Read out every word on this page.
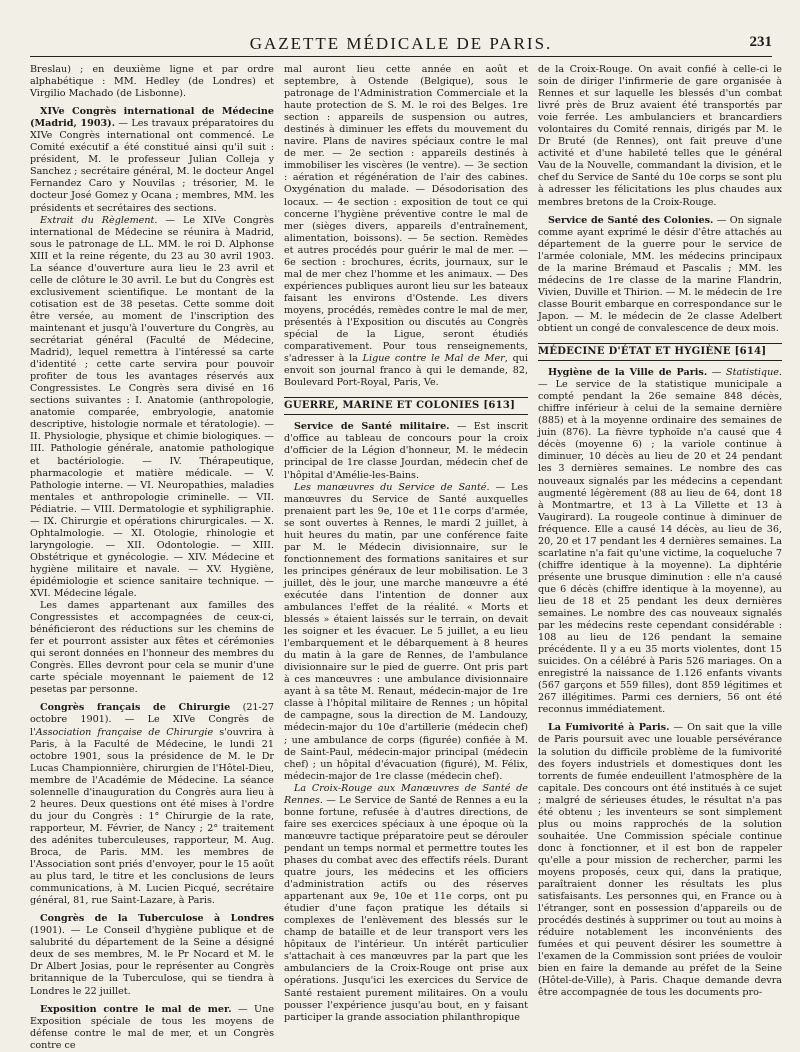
GAZETTE MÉDICALE DE PARIS.	231

Breslau) ; en deuxième ligne et par ordre alphabétique : MM. Hedley (de Londres) et Virgilio Machado (de Lisbonne).

XIVe Congrès international de Médecine (Madrid, 1903). — Les travaux préparatoires du XIVe Congrès international ont commencé. Le Comité exécutif a été constitué ainsi qu'il suit : président, M. le professeur Julian Colleja y Sanchez ; secrétaire général, M. le docteur Angel Fernandez Caro y Nouvilas ; trésorier, M. le docteur José Gomez y Ocana ; membres, MM. les présidents et secrétaires des sections.

Extrait du Règlement. — Le XIVe Congrès international de Médecine se réunira à Madrid, sous le patronage de LL. MM. le roi D. Alphonse XIII et la reine régente, du 23 au 30 avril 1903. La séance d'ouverture aura lieu le 23 avril et celle de clôture le 30 avril. Le but du Congrès est exclusivement scientifique. Le montant de la cotisation est de 38 pesetas. Cette somme doit être versée, au moment de l'inscription des maintenant et jusqu'à l'ouverture du Congrès, au secrétariat général (Faculté de Médecine, Madrid), lequel remettra à l'intéressé sa carte d'identité ; cette carte servira pour pouvoir profiter de tous les avantages réservés aux Congressistes. Le Congrès sera divisé en 16 sections suivantes : I. Anatomie (anthropologie, anatomie comparée, embryologie, anatomie descriptive, histologie normale et tératologie). — II. Physiologie, physique et chimie biologiques. — III. Pathologie générale, anatomie pathologique et bactériologie. — IV. Thérapeutique, pharmacologie et matière médicale. — V. Pathologie interne. — VI. Neuropathies, maladies mentales et anthropologie criminelle. — VII. Pédiatrie. — VIII. Dermatologie et syphiligraphie. — IX. Chirurgie et opérations chirurgicales. — X. Ophtalmologie. — XI. Otologie, rhinologie et laryngologie. — XII. Odontologie. — XIII. Obstétrique et gynécologie. — XIV. Médecine et hygiène militaire et navale. — XV. Hygiène, épidémiologie et science sanitaire technique. — XVI. Médecine légale.

Les dames appartenant aux familles des Congressistes et accompagnées de ceux-ci, bénéficieront des réductions sur les chemins de fer et pourront assister aux fêtes et cérémonies qui seront données en l'honneur des membres du Congrès. Elles devront pour cela se munir d'une carte spéciale moyennant le paiement de 12 pesetas par personne.

Congrès français de Chirurgie (21-27 octobre 1901). — Le XIVe Congrès de l'Association française de Chirurgie s'ouvrira à Paris, à la Faculté de Médecine, le lundi 21 octobre 1901, sous la présidence de M. le Dr Lucas Championnière, chirurgien de l'Hôtel-Dieu, membre de l'Académie de Médecine. La séance solennelle d'inauguration du Congrès aura lieu à 2 heures. Deux questions ont été mises à l'ordre du jour du Congrès : 1° Chirurgie de la rate, rapporteur, M. Février, de Nancy ; 2° traitement des adénites tuberculeuses, rapporteur, M. Aug. Broca, de Paris. MM. les membres de l'Association sont priés d'envoyer, pour le 15 août au plus tard, le titre et les conclusions de leurs communications, à M. Lucien Picqué, secrétaire général, 81, rue Saint-Lazare, à Paris.

Congrès de la Tuberculose à Londres (1901). — Le Conseil d'hygiène publique et de salubrité du département de la Seine a désigné deux de ses membres, M. le Pr Nocard et M. le Dr Albert Josias, pour le représenter au Congrès britannique de la Tuberculose, qui se tiendra à Londres le 22 juillet.

Exposition contre le mal de mer. — Une Exposition spéciale de tous les moyens de défense contre le mal de mer, et un Congrès contre ce

mal auront lieu cette année en août et septembre, à Ostende (Belgique), sous le patronage de l'Administration Commerciale et la haute protection de S. M. le roi des Belges. 1re section : appareils de suspension ou autres, destinés à diminuer les effets du mouvement du navire. Plans de navires spéciaux contre le mal de mer. — 2e section : appareils destinés à immobiliser les viscères (le ventre). — 3e section : aération et régénération de l'air des cabines. Oxygénation du malade. — Désodorisation des locaux. — 4e section : exposition de tout ce qui concerne l'hygiène préventive contre le mal de mer (sièges divers, appareils d'entraînement, alimentation, boissons). — 5e section. Remèdes et autres procédés pour guérir le mal de mer. — 6e section : brochures, écrits, journaux, sur le mal de mer chez l'homme et les animaux. — Des expériences publiques auront lieu sur les bateaux faisant les environs d'Ostende. Les divers moyens, procédés, remèdes contre le mal de mer, présentés à l'Exposition ou discutés au Congrès spécial de la Ligue, seront étudiés comparativement. Pour tous renseignements, s'adresser à la Ligue contre le Mal de Mer, qui envoit son journal franco à qui le demande, 82, Boulevard Port-Royal, Paris, Ve.

GUERRE, MARINE ET COLONIES [613]

Service de Santé militaire. — Est inscrit d'office au tableau de concours pour la croix d'officier de la Légion d'honneur, M. le médecin principal de 1re classe Jourdan, médecin chef de l'hôpital d'Amélie-les-Bains.

Les manœuvres du Service de Santé. — Les manœuvres du Service de Santé auxquelles prenaient part les 9e, 10e et 11e corps d'armée, se sont ouvertes à Rennes, le mardi 2 juillet, à huit heures du matin, par une conférence faite par M. le Médecin divisionnaire, sur le fonctionnement des formations sanitaires et sur les principes généraux de leur mobilisation. Le 3 juillet, dès le jour, une marche manœuvre a été exécutée dans l'intention de donner aux ambulances l'effet de la réalité. « Morts et blessés » étaient laissés sur le terrain, on devait les soigner et les évacuer. Le 5 juillet, a eu lieu l'embarquement et le débarquement à 8 heures du matin à la gare de Rennes, de l'ambulance divisionnaire sur le pied de guerre. Ont pris part à ces manœuvres : une ambulance divisionnaire ayant à sa tête M. Renaut, médecin-major de 1re classe à l'hôpital militaire de Rennes ; un hôpital de campagne, sous la direction de M. Landouzy, médecin-major du 10e d'artillerie (médecin chef) ; une ambulance de corps (figurée) confiée à M. de Saint-Paul, médecin-major principal (médecin chef) ; un hôpital d'évacuation (figuré), M. Félix, médecin-major de 1re classe (médecin chef).

La Croix-Rouge aux Manœuvres de Santé de Rennes. — Le Service de Santé de Rennes a eu la bonne fortune, refusée à d'autres directions, de faire ses exercices spéciaux à une époque où la manœuvre tactique préparatoire peut se dérouler pendant un temps normal et permettre toutes les phases du combat avec des effectifs réels. Durant quatre jours, les médecins et les officiers d'administration actifs ou des réserves appartenant aux 9e, 10e et 11e corps, ont pu étudier d'une façon pratique les détails si complexes de l'enlèvement des blessés sur le champ de bataille et de leur transport vers les hôpitaux de l'intérieur. Un intérêt particulier s'attachait à ces manœuvres par la part que les ambulanciers de la Croix-Rouge ont prise aux opérations. Jusqu'ici les exercices du Service de Santé restaient purement militaires. On a voulu pousser l'expérience jusqu'au bout, en y faisant participer la grande association philanthropique

de la Croix-Rouge. On avait confié à celle-ci le soin de diriger l'infirmerie de gare organisée à Rennes et sur laquelle les blessés d'un combat livré près de Bruz avaient été transportés par voie ferrée. Les ambulanciers et brancardiers volontaires du Comité rennais, dirigés par M. le Dr Bruté (de Rennes), ont fait preuve d'une activité et d'une habileté telles que le général Vau de la Nouvelle, commandant la division, et le chef du Service de Santé du 10e corps se sont plu à adresser les félicitations les plus chaudes aux membres bretons de la Croix-Rouge.

Service de Santé des Colonies. — On signale comme ayant exprimé le désir d'être attachés au département de la guerre pour le service de l'armée coloniale, MM. les médecins principaux de la marine Brémaud et Pascalis ; MM. les médecins de 1re classe de la marine Flandrin, Vivien, Duville et Thirion. — M. le médecin de 1re classe Bourit embarque en correspondance sur le Japon. — M. le médecin de 2e classe Adelbert obtient un congé de convalescence de deux mois.

MÉDECINE D'ÉTAT ET HYGIÈNE [614]

Hygiène de la Ville de Paris. — Statistique. — Le service de la statistique municipale a compté pendant la 26e semaine 848 décès, chiffre inférieur à celui de la semaine dernière (885) et à la moyenne ordinaire des semaines de juin (876). La fièvre typhoïde n'a causé que 4 décès (moyenne 6) ; la variole continue à diminuer, 10 décès au lieu de 20 et 24 pendant les 3 dernières semaines. Le nombre des cas nouveaux signalés par les médecins a cependant augmenté légèrement (88 au lieu de 64, dont 18 à Montmartre, et 13 à La Villette et 13 à Vaugirard). La rougeole continue à diminuer de fréquence. Elle a causé 14 décès, au lieu de 36, 20, 20 et 17 pendant les 4 dernières semaines. La scarlatine n'a fait qu'une victime, la coqueluche 7 (chiffre identique à la moyenne). La diphtérie présente une brusque diminution : elle n'a causé que 6 décès (chiffre identique à la moyenne), au lieu de 18 et 25 pendant les deux dernières semaines. Le nombre des cas nouveaux signalés par les médecins reste cependant considérable : 108 au lieu de 126 pendant la semaine précédente. Il y a eu 35 morts violentes, dont 15 suicides. On a célébré à Paris 526 mariages. On a enregistré la naissance de 1.126 enfants vivants (567 garçons et 559 filles), dont 859 légitimes et 267 illégitimes. Parmi ces derniers, 56 ont été reconnus immédiatement.

La Fumivorité à Paris. — On sait que la ville de Paris poursuit avec une louable persévérance la solution du difficile problème de la fumivorité des foyers industriels et domestiques dont les torrents de fumée endeuillent l'atmosphère de la capitale. Des concours ont été institués à ce sujet ; malgré de sérieuses études, le résultat n'a pas été obtenu ; les inventeurs se sont simplement plus ou moins rapprochés de la solution souhaitée. Une Commission spéciale continue donc à fonctionner, et il est bon de rappeler qu'elle a pour mission de rechercher, parmi les moyens proposés, ceux qui, dans la pratique, paraîtraient donner les résultats les plus satisfaisants. Les personnes qui, en France ou à l'étranger, sont en possession d'appareils ou de procédés destinés à supprimer ou tout au moins à réduire notablement les inconvénients des fumées et qui peuvent désirer les soumettre à l'examen de la Commission sont priées de vouloir bien en faire la demande au préfet de la Seine (Hôtel-de-Ville), à Paris. Chaque demande devra être accompagnée de tous les documents pro-
